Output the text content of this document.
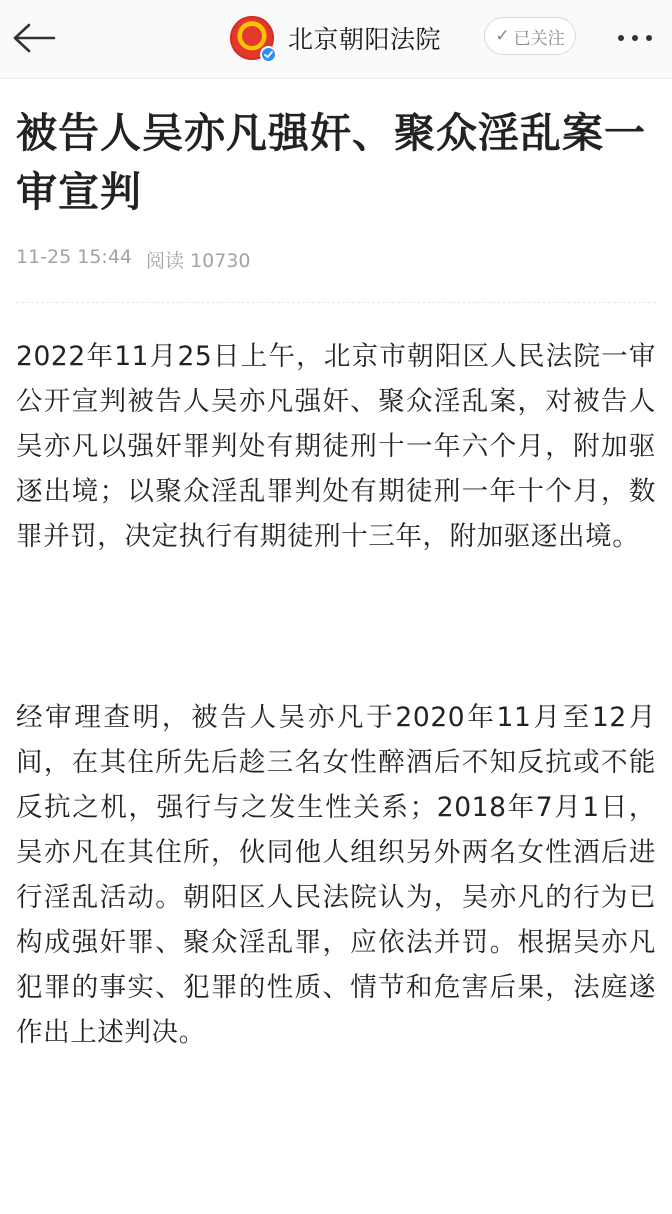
北京朝阳法院	✓ 已关注
被告人吴亦凡强奸、聚众淫乱案一审宣判
11-25 15:44 阅读 10730

2022年11月25日上午，北京市朝阳区人民法院一审公开宣判被告人吴亦凡强奸、聚众淫乱案，对被告人吴亦凡以强奸罪判处有期徒刑十一年六个月，附加驱逐出境；以聚众淫乱罪判处有期徒刑一年十个月，数罪并罚，决定执行有期徒刑十三年，附加驱逐出境。

经审理查明，被告人吴亦凡于2020年11月至12月间，在其住所先后趁三名女性醉酒后不知反抗或不能反抗之机，强行与之发生性关系；2018年7月1日，吴亦凡在其住所，伙同他人组织另外两名女性酒后进行淫乱活动。朝阳区人民法院认为，吴亦凡的行为已构成强奸罪、聚众淫乱罪，应依法并罚。根据吴亦凡犯罪的事实、犯罪的性质、情节和危害后果，法庭遂作出上述判决。
